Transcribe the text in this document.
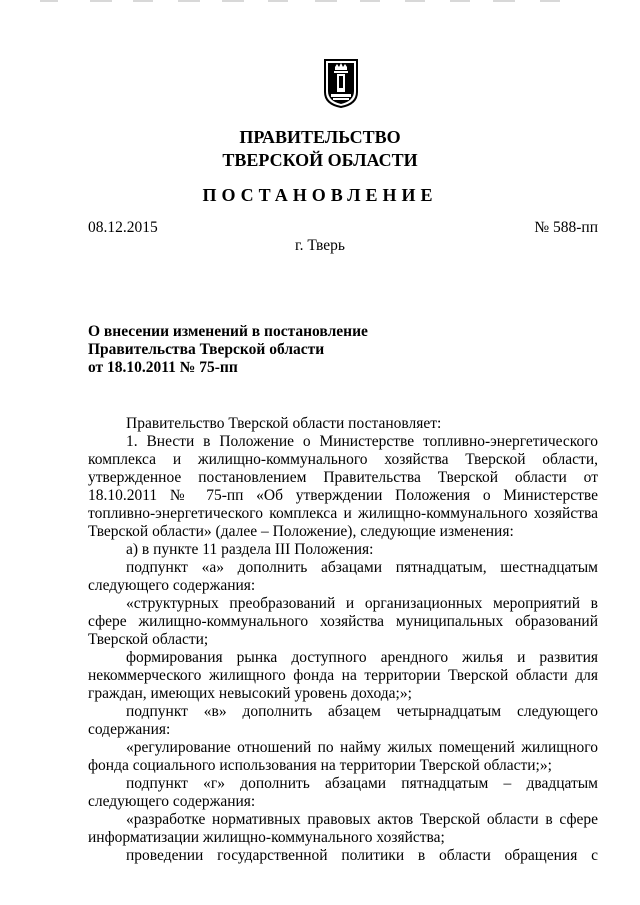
ПРАВИТЕЛЬСТВО
ТВЕРСКОЙ ОБЛАСТИ
ПОСТАНОВЛЕНИЕ
08.12.2015	№ 588-пп
г. Тверь
О внесении изменений в постановление
Правительства Тверской области
от 18.10.2011 № 75-пп

Правительство Тверской области постановляет:

1. Внести в Положение о Министерстве топливно-энергетического комплекса и жилищно-коммунального хозяйства Тверской области, утвержденное постановлением Правительства Тверской области от 18.10.2011 № 75-пп «Об утверждении Положения о Министерстве топливно-энергетического комплекса и жилищно-коммунального хозяйства Тверской области» (далее – Положение), следующие изменения:

а) в пункте 11 раздела III Положения:

подпункт «а» дополнить абзацами пятнадцатым, шестнадцатым следующего содержания:

«структурных преобразований и организационных мероприятий в сфере жилищно-коммунального хозяйства муниципальных образований Тверской области;

формирования рынка доступного арендного жилья и развития некоммерческого жилищного фонда на территории Тверской области для граждан, имеющих невысокий уровень дохода;»;

подпункт «в» дополнить абзацем четырнадцатым следующего содержания:

«регулирование отношений по найму жилых помещений жилищного фонда социального использования на территории Тверской области;»;

подпункт «г» дополнить абзацами пятнадцатым – двадцатым следующего содержания:

«разработке нормативных правовых актов Тверской области в сфере информатизации жилищно-коммунального хозяйства;

проведении государственной политики в области обращения с
